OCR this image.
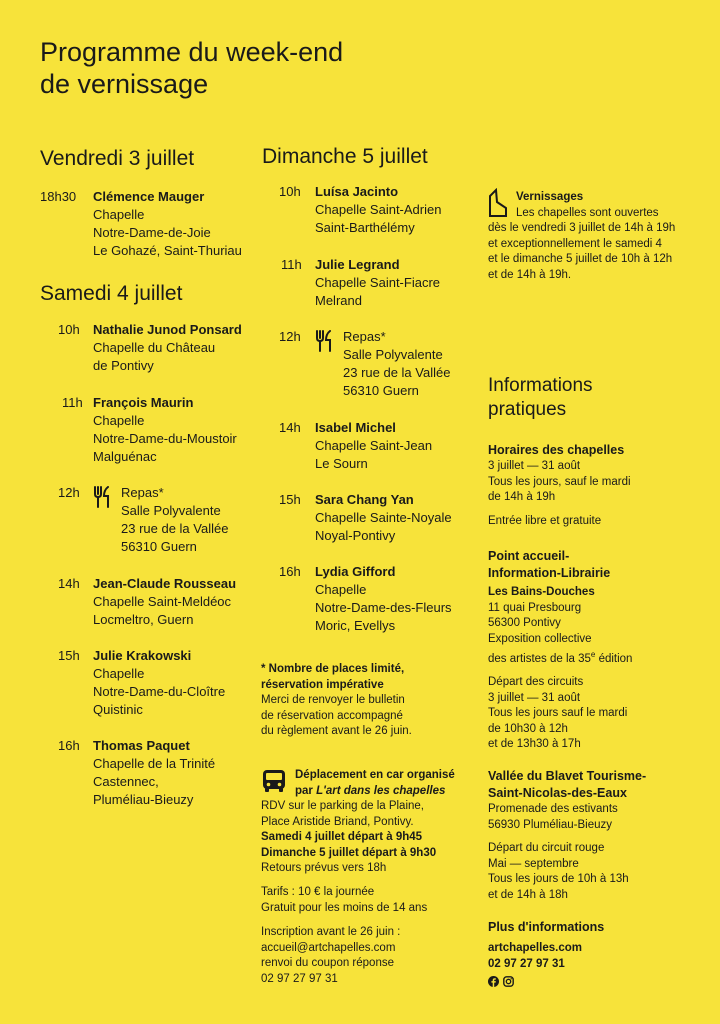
Programme du week-end
de vernissage
Vendredi 3 juillet
18h30 Clémence Mauger
Chapelle
Notre-Dame-de-Joie
Le Gohazé, Saint-Thuriau
Samedi 4 juillet
10h Nathalie Junod Ponsard
Chapelle du Château
de Pontivy
11h François Maurin
Chapelle
Notre-Dame-du-Moustoir
Malguénac
12h	Repas*
Salle Polyvalente
23 rue de la Vallée
56310 Guern
14h Jean-Claude Rousseau
Chapelle Saint-Meldéoc
Locmeltro, Guern
15h Julie Krakowski
Chapelle
Notre-Dame-du-Cloître
Quistinic
16h Thomas Paquet
Chapelle de la Trinité
Castennec,
Pluméliau-Bieuzy
Dimanche 5 juillet
10h Luísa Jacinto
Chapelle Saint-Adrien
Saint-Barthélémy
11h Julie Legrand
Chapelle Saint-Fiacre
Melrand
12h	Repas*
Salle Polyvalente
23 rue de la Vallée
56310 Guern
14h Isabel Michel
Chapelle Saint-Jean
Le Sourn
15h Sara Chang Yan
Chapelle Sainte-Noyale
Noyal-Pontivy
16h Lydia Gifford
Chapelle
Notre-Dame-des-Fleurs
Moric, Evellys
* Nombre de places limité,
réservation impérative
Merci de renvoyer le bulletin
de réservation accompagné
du règlement avant le 26 juin.
Déplacement en car organisé
par L'art dans les chapelles
RDV sur le parking de la Plaine,
Place Aristide Briand, Pontivy.
Samedi 4 juillet départ à 9h45
Dimanche 5 juillet départ à 9h30
Retours prévus vers 18h
Tarifs : 10 € la journée
Gratuit pour les moins de 14 ans
Inscription avant le 26 juin :
accueil@artchapelles.com
renvoi du coupon réponse
02 97 27 97 31
Vernissages
Les chapelles sont ouvertes
dès le vendredi 3 juillet de 14h à 19h
et exceptionnellement le samedi 4
et le dimanche 5 juillet de 10h à 12h
et de 14h à 19h.
Informations
pratiques
Horaires des chapelles
3 juillet — 31 août
Tous les jours, sauf le mardi
de 14h à 19h
Entrée libre et gratuite
Point accueil-
Information-Librairie
Les Bains-Douches
11 quai Presbourg
56300 Pontivy
Exposition collective
des artistes de la 35e édition
Départ des circuits
3 juillet — 31 août
Tous les jours sauf le mardi
de 10h30 à 12h
et de 13h30 à 17h
Vallée du Blavet Tourisme-
Saint-Nicolas-des-Eaux
Promenade des estivants
56930 Pluméliau-Bieuzy
Départ du circuit rouge
Mai — septembre
Tous les jours de 10h à 13h
et de 14h à 18h
Plus d'informations
artchapelles.com
02 97 27 97 31
